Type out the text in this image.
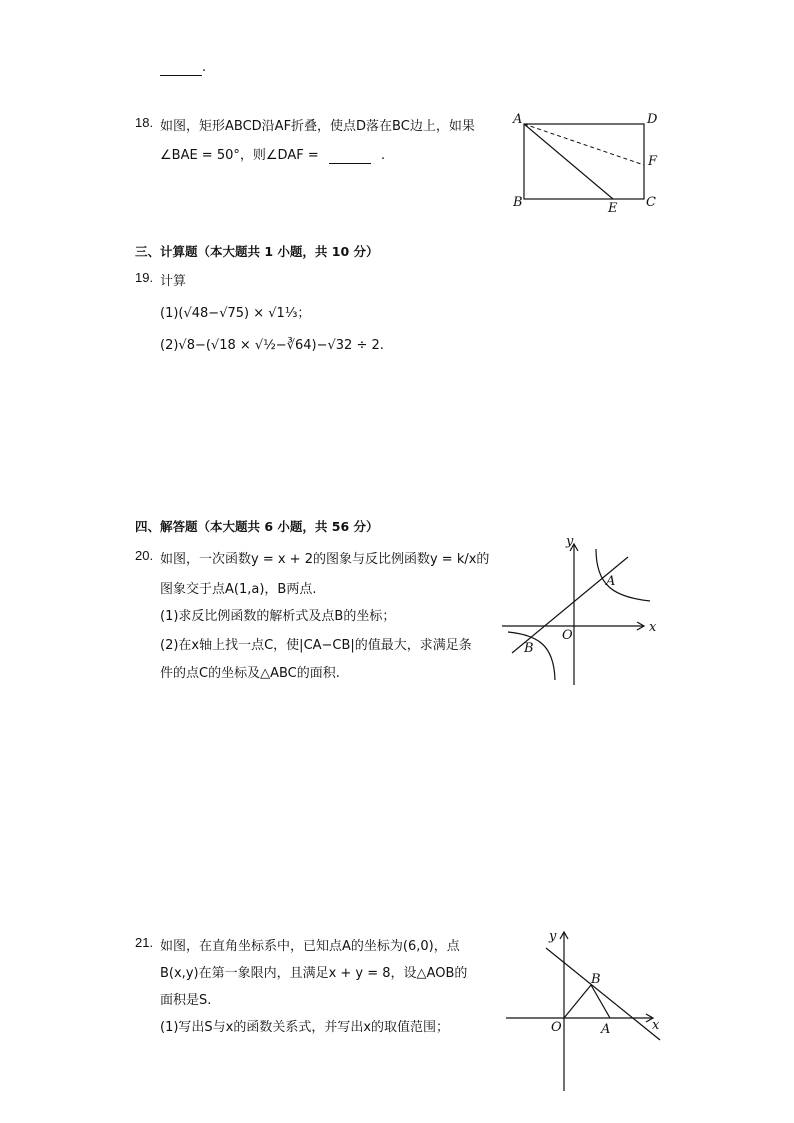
.
18. 如图，矩形ABCD沿AF折叠，使点D落在BC边上，如果
∠BAE = 50°，则∠DAF =	.
A	D
B	C
E
F
三、计算题（本大题共 1 小题，共 10 分）
19. 计算
(1)(√48−√75) × √1⅓；
(2)√8−(√18 × √½−∛64)−√32 ÷ 2.
四、解答题（本大题共 6 小题，共 56 分）
20. 如图，一次函数y = x + 2的图象与反比例函数y = k/x的
图象交于点A(1,a)，B两点.
(1)求反比例函数的解析式及点B的坐标；
(2)在x轴上找一点C，使|CA−CB|的值最大，求满足条
件的点C的坐标及△ABC的面积.
y
x
O
A
B
21. 如图，在直角坐标系中，已知点A的坐标为(6,0)，点
B(x,y)在第一象限内，且满足x + y = 8，设△AOB的
面积是S.
(1)写出S与x的函数关系式，并写出x的取值范围；
y
x
O	A
B
